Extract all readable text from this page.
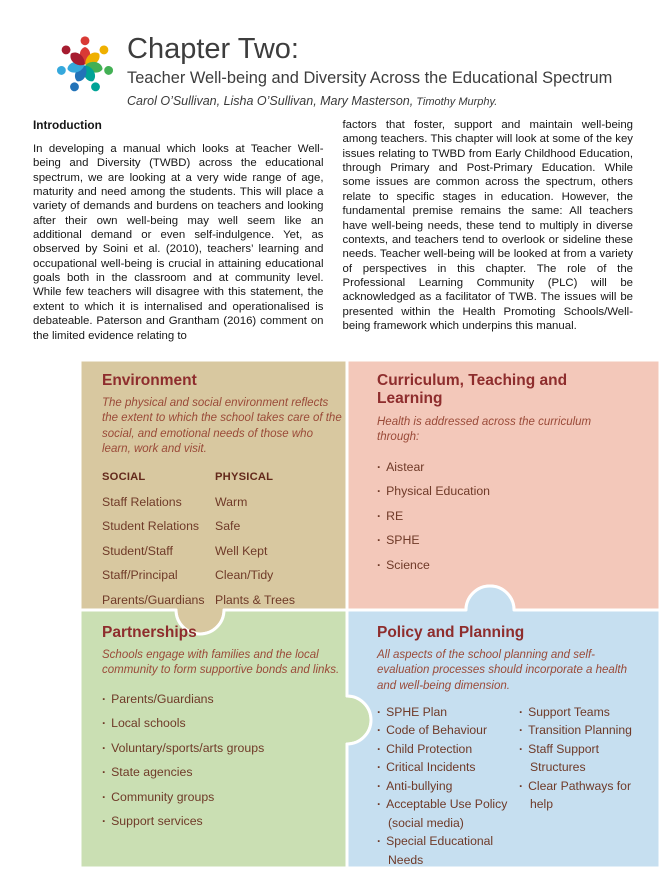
Chapter Two:
Teacher Well-being and Diversity Across the Educational Spectrum
Carol O’Sullivan, Lisha O’Sullivan, Mary Masterson, Timothy Murphy.
Introduction

In developing a manual which looks at Teacher Well-being and Diversity (TWBD) across the educational spectrum, we are looking at a very wide range of age, maturity and need among the students. This will place a variety of demands and burdens on teachers and looking after their own well-being may well seem like an additional demand or even self-indulgence. Yet, as observed by Soini et al. (2010), teachers’ learning and occupational well-being is crucial in attaining educational goals both in the classroom and at community level. While few teachers will disagree with this statement, the extent to which it is internalised and operationalised is debateable. Paterson and Grantham (2016) comment on the limited evidence relating to

factors that foster, support and maintain well-being among teachers. This chapter will look at some of the key issues relating to TWBD from Early Childhood Education, through Primary and Post-Primary Education. While some issues are common across the spectrum, others relate to specific stages in education. However, the fundamental premise remains the same: All teachers have well-being needs, these tend to multiply in diverse contexts, and teachers tend to overlook or sideline these needs. Teacher well-being will be looked at from a variety of perspectives in this chapter. The role of the Professional Learning Community (PLC) will be acknowledged as a facilitator of TWB. The issues will be presented within the Health Promoting Schools/Well-being framework which underpins this manual.

Environment
The physical and social environment reflects the extent to which the school takes care of the social, and emotional needs of those who learn, work and visit.
SOCIAL
Staff Relations
Student Relations
Student/Staff
Staff/Principal
Parents/Guardians
PHYSICAL
Warm
Safe
Well Kept
Clean/Tidy
Plants & Trees
Curriculum, Teaching and Learning
Health is addressed across the curriculum through:
· Aistear
· Physical Education
· RE
· SPHE
· Science
Partnerships
Schools engage with families and the local community to form supportive bonds and links.
· Parents/Guardians
· Local schools
· Voluntary/sports/arts groups
· State agencies
· Community groups
· Support services
Policy and Planning
All aspects of the school planning and self-evaluation processes should incorporate a health and well-being dimension.
· SPHE Plan
· Code of Behaviour
· Child Protection
· Critical Incidents
· Anti-bullying
· Acceptable Use Policy (social media)
· Special Educational Needs
· Support Teams
· Transition Planning
· Staff Support Structures
· Clear Pathways for help
